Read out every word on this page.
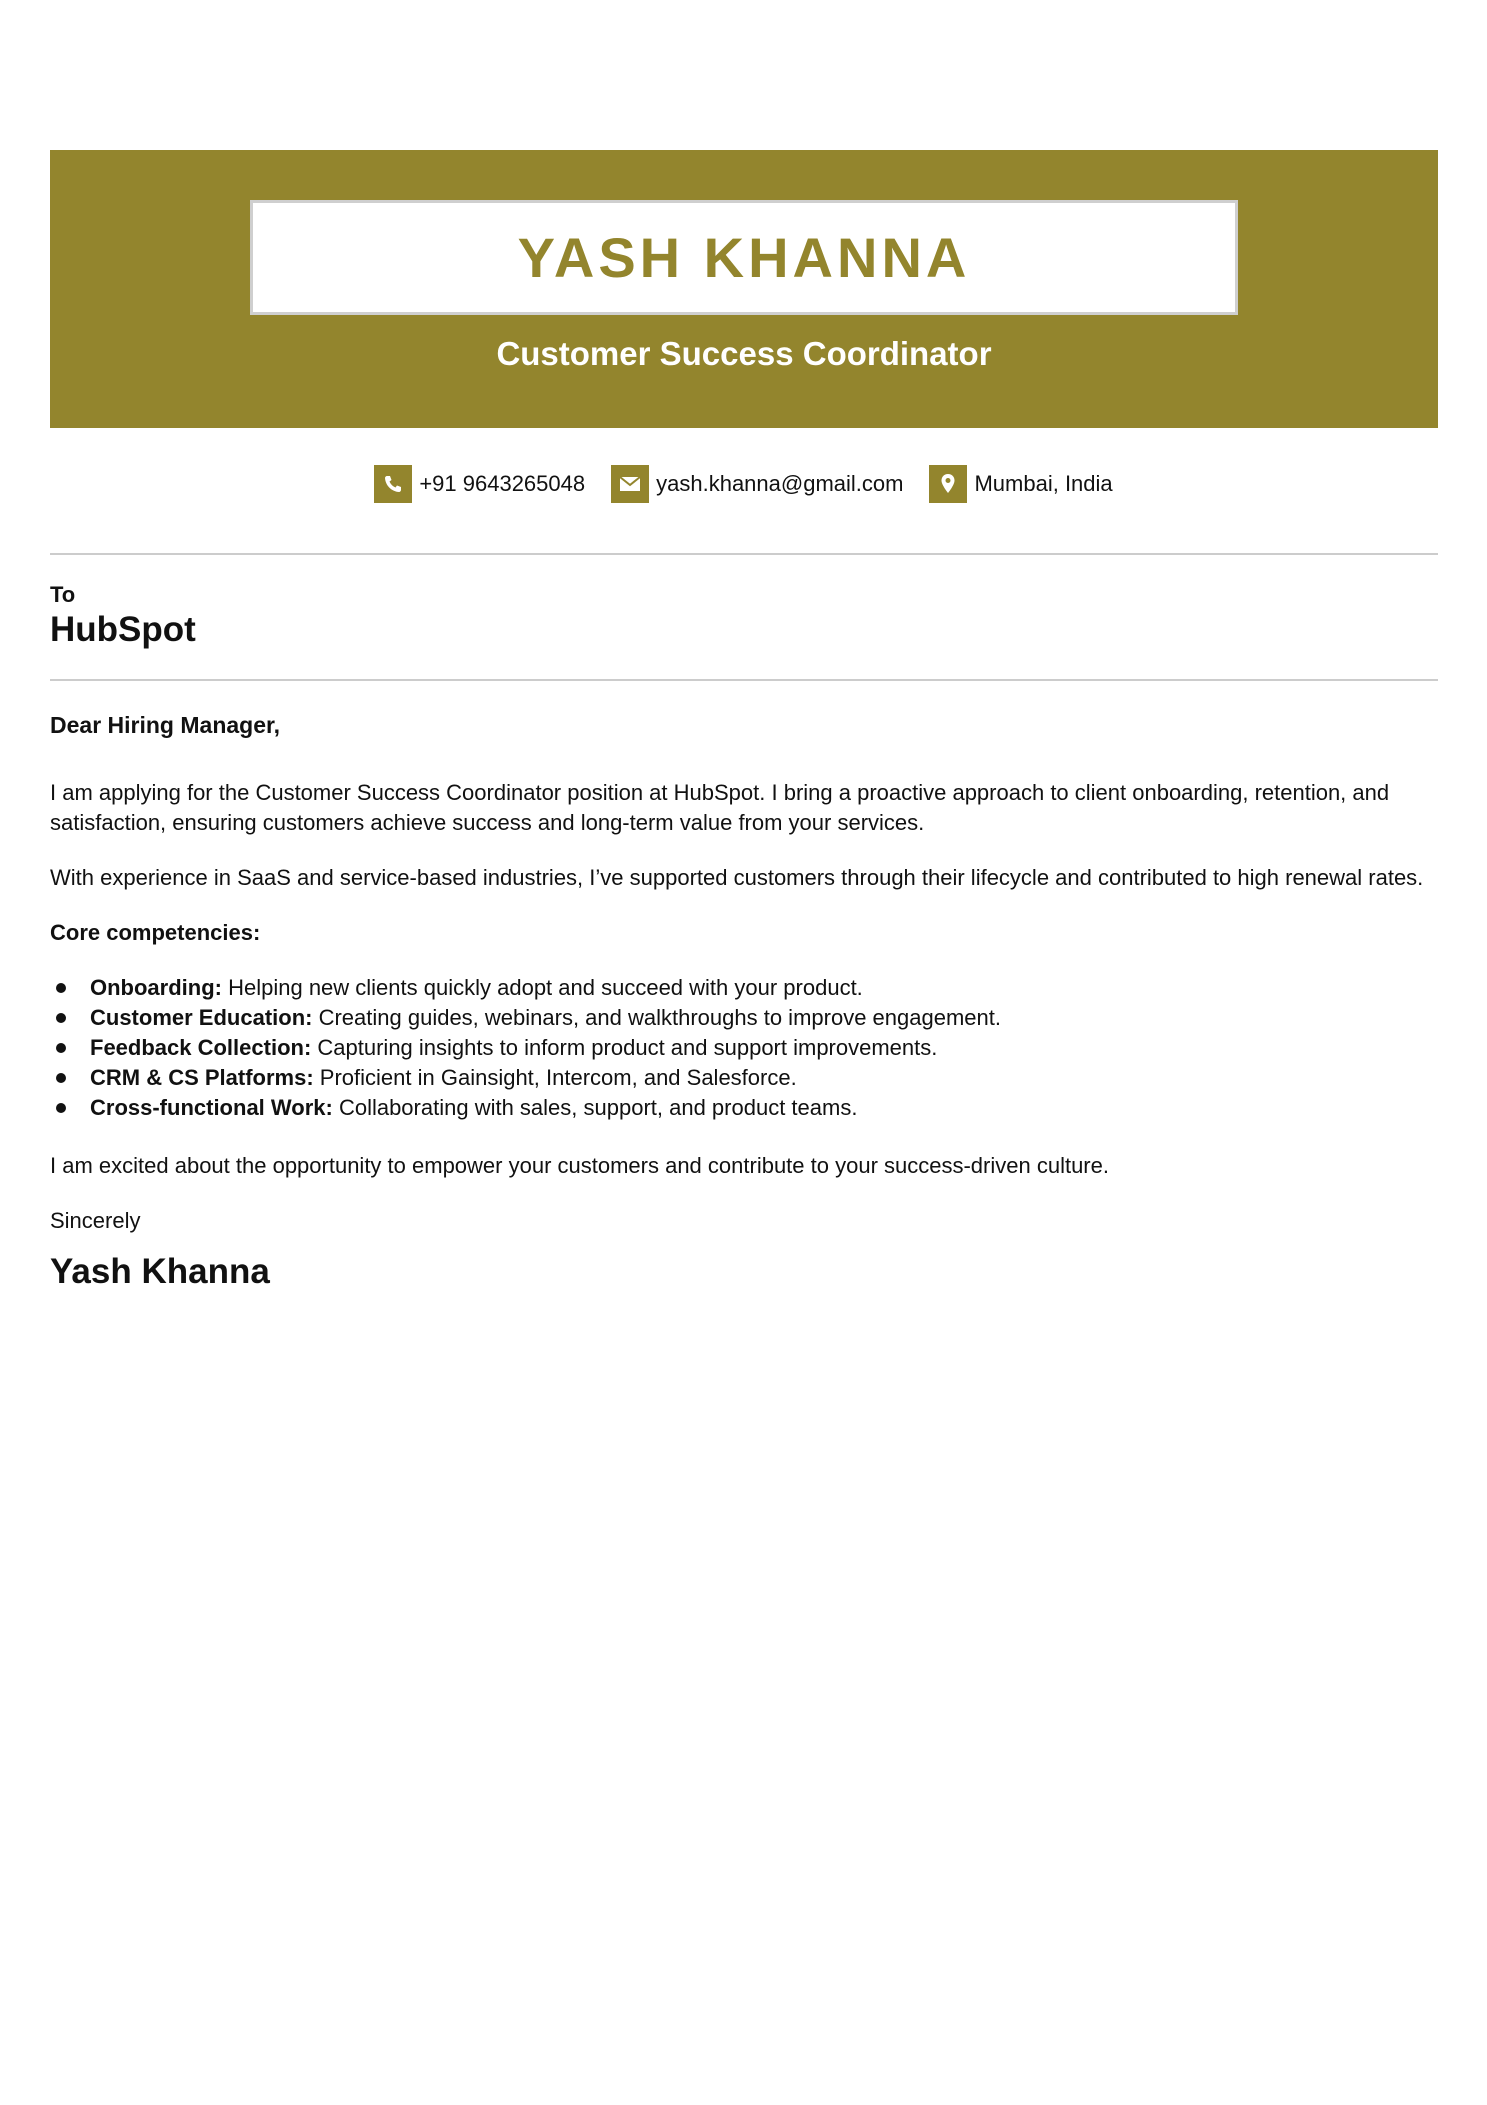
YASH KHANNA
Customer Success Coordinator
+91 9643265048	yash.khanna@gmail.com	Mumbai, India
To
HubSpot
Dear Hiring Manager,

I am applying for the Customer Success Coordinator position at HubSpot. I bring a proactive approach to client onboarding, retention, and satisfaction, ensuring customers achieve success and long-term value from your services.

With experience in SaaS and service-based industries, I’ve supported customers through their lifecycle and contributed to high renewal rates.

Core competencies:
Onboarding: Helping new clients quickly adopt and succeed with your product.
Customer Education: Creating guides, webinars, and walkthroughs to improve engagement.
Feedback Collection: Capturing insights to inform product and support improvements.
CRM & CS Platforms: Proficient in Gainsight, Intercom, and Salesforce.
Cross-functional Work: Collaborating with sales, support, and product teams.

I am excited about the opportunity to empower your customers and contribute to your success-driven culture.

Sincerely

Yash Khanna
